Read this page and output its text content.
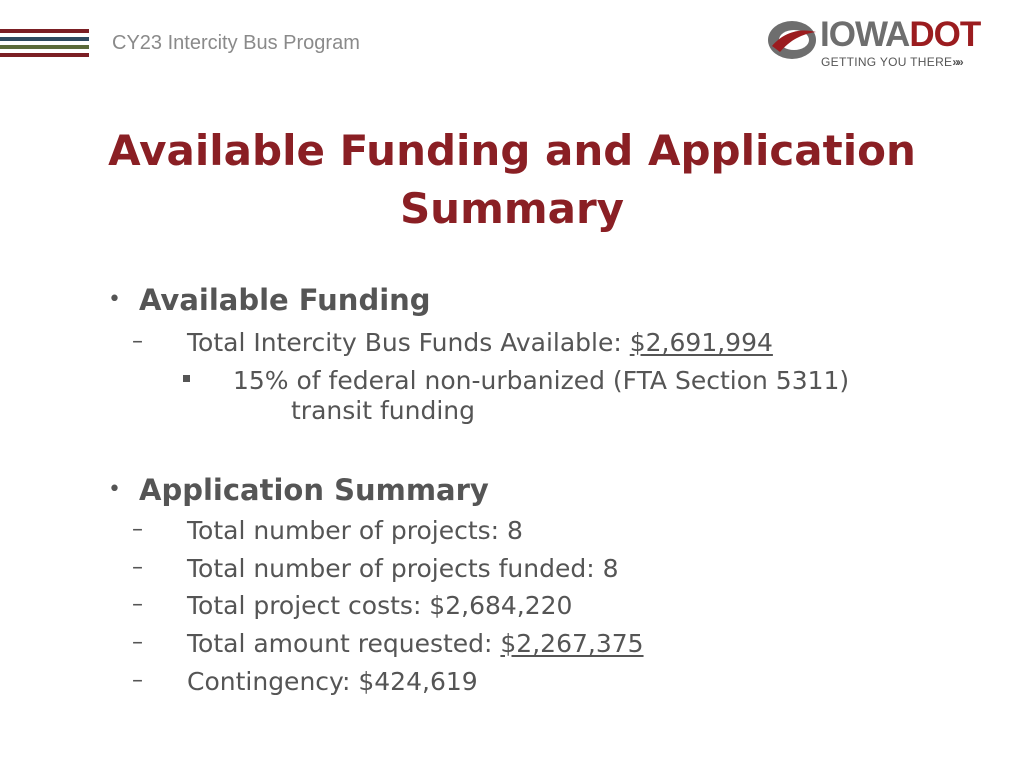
CY23 Intercity Bus Program	IOWADOT
GETTING YOU THERE»»
Available Funding and Application
Summary
• Available Funding
– Total Intercity Bus Funds Available: $2,691,994
15% of federal non-urbanized (FTA Section 5311)
transit funding
• Application Summary
– Total number of projects: 8
– Total number of projects funded: 8
– Total project costs: $2,684,220
– Total amount requested: $2,267,375
– Contingency: $424,619
